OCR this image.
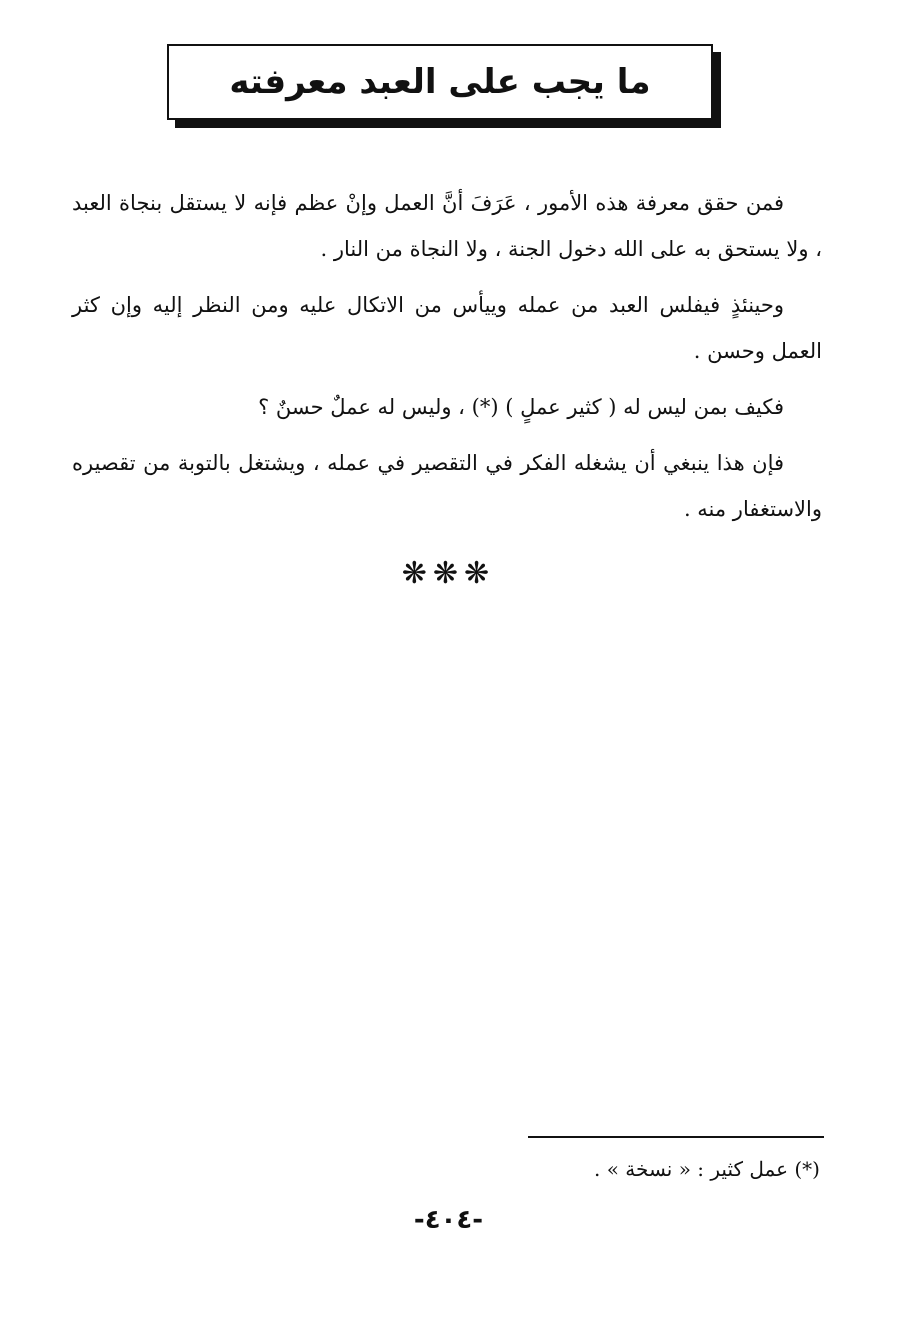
ما يجب على العبد معرفته

فمن حقق معرفة هذه الأمور ، عَرَفَ أنَّ العمل وإنْ عظم فإنه لا يستقل بنجاة العبد ، ولا يستحق به على الله دخول الجنة ، ولا النجاة من النار .

وحينئذٍ فيفلس العبد من عمله وييأس من الاتكال عليه ومن النظر إليه وإن كثر العمل وحسن .

فكيف بمن ليس له ( كثير عملٍ ) (*) ، وليس له عملٌ حسنٌ ؟

فإن هذا ينبغي أن يشغله الفكر في التقصير في عمله ، ويشتغل بالتوبة من تقصيره والاستغفار منه .

❋❋❋
(*) عمل كثير : « نسخة » .
-٤٠٤-
